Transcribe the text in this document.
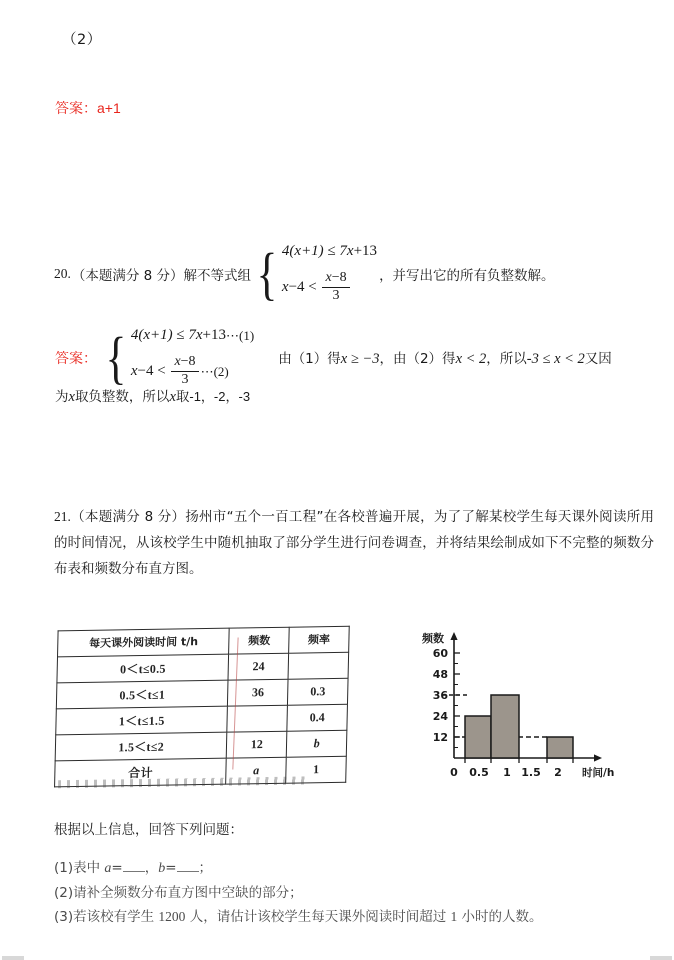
（2）
答案：a+1
20. （本题满分 8 分）解不等式组 { 4(x+1) ≤ 7x +13
$x -4 < \frac{x-8}{3}$ ，并写出它的所有负整数解。
答案： { 4(x+1) ≤ 7x +13 ⋯(1)
$x -4 < \frac{x-8}{3}$ ⋯(2)
由（1）得x ≥ −3，由（2）得x < 2，所以-3 ≤ x < 2又因
为x取负整数，所以x取-1，-2，-3
21.（本题满分 8 分）扬州市“五个一百工程”在各校普遍开展，为了了解某校学生每天课外阅读所用的时间情况，从该校学生中随机抽取了部分学生进行问卷调查，并将结果绘制成如下不完整的频数分布表和频数分布直方图。
每天课外阅读时间 t/h	频数	频率
0＜t≤0.5	24	
0.5＜t≤1	36	0.3
1＜t≤1.5		0.4
1.5＜t≤2	12	b
合计	a	1
频数
12
24
36
48
60
0 0.5 1 1.5 2 时间/h
根据以上信息，回答下列问题：
(1)表中 a= ，b= ；
(2)请补全频数分布直方图中空缺的部分；
(3)若该校有学生 1200 人，请估计该校学生每天课外阅读时间超过 1 小时的人数。
